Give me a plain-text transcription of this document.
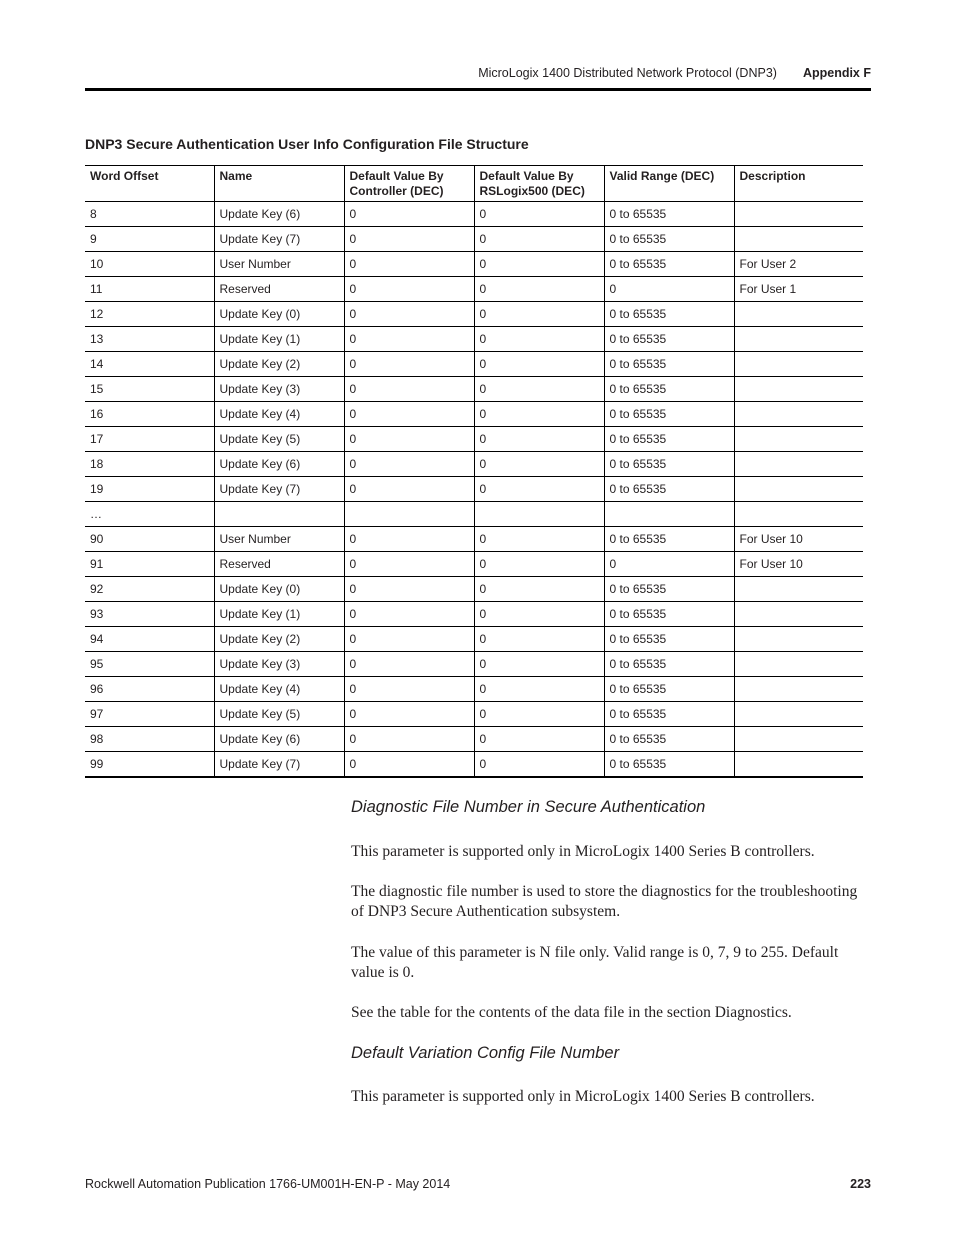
MicroLogix 1400 Distributed Network Protocol (DNP3) Appendix F
DNP3 Secure Authentication User Info Configuration File Structure
Word Offset	Name	Default Value By Controller (DEC)	Default Value By RSLogix500 (DEC)	Valid Range (DEC)	Description
8	Update Key (6)	0	0	0 to 65535	
9	Update Key (7)	0	0	0 to 65535	
10	User Number	0	0	0 to 65535	For User 2
11	Reserved	0	0	0	For User 1
12	Update Key (0)	0	0	0 to 65535	
13	Update Key (1)	0	0	0 to 65535	
14	Update Key (2)	0	0	0 to 65535	
15	Update Key (3)	0	0	0 to 65535	
16	Update Key (4)	0	0	0 to 65535	
17	Update Key (5)	0	0	0 to 65535	
18	Update Key (6)	0	0	0 to 65535	
19	Update Key (7)	0	0	0 to 65535	
…					
90	User Number	0	0	0 to 65535	For User 10
91	Reserved	0	0	0	For User 10
92	Update Key (0)	0	0	0 to 65535	
93	Update Key (1)	0	0	0 to 65535	
94	Update Key (2)	0	0	0 to 65535	
95	Update Key (3)	0	0	0 to 65535	
96	Update Key (4)	0	0	0 to 65535	
97	Update Key (5)	0	0	0 to 65535	
98	Update Key (6)	0	0	0 to 65535	
99	Update Key (7)	0	0	0 to 65535	
Diagnostic File Number in Secure Authentication
This parameter is supported only in MicroLogix 1400 Series B controllers.
The diagnostic file number is used to store the diagnostics for the troubleshooting of DNP3 Secure Authentication subsystem.
The value of this parameter is N file only. Valid range is 0, 7, 9 to 255. Default value is 0.
See the table for the contents of the data file in the section Diagnostics.
Default Variation Config File Number
This parameter is supported only in MicroLogix 1400 Series B controllers.
Rockwell Automation Publication 1766-UM001H-EN-P - May 2014	223
